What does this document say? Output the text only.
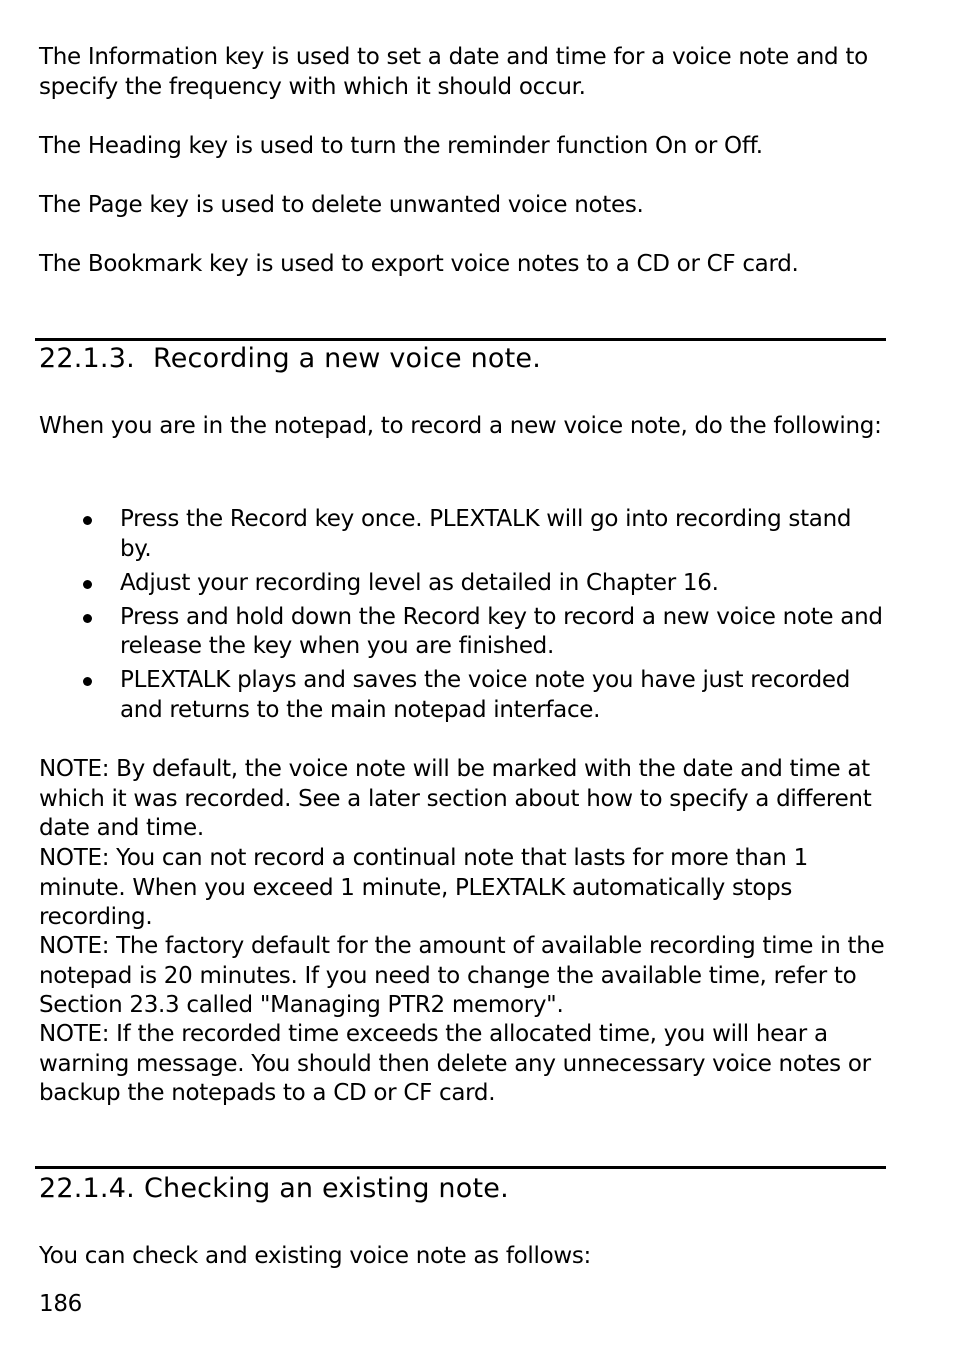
The Information key is used to set a date and time for a voice note and to specify the frequency with which it should occur.

The Heading key is used to turn the reminder function On or Off.

The Page key is used to delete unwanted voice notes.

The Bookmark key is used to export voice notes to a CD or CF card.

22.1.3. Recording a new voice note.

When you are in the notepad, to record a new voice note, do the following:

Press the Record key once. PLEXTALK will go into recording stand by.
Adjust your recording level as detailed in Chapter 16.
Press and hold down the Record key to record a new voice note and release the key when you are finished.
PLEXTALK plays and saves the voice note you have just recorded and returns to the main notepad interface.

NOTE: By default, the voice note will be marked with the date and time at which it was recorded. See a later section about how to specify a different date and time.

NOTE: You can not record a continual note that lasts for more than 1 minute. When you exceed 1 minute, PLEXTALK automatically stops recording.

NOTE: The factory default for the amount of available recording time in the notepad is 20 minutes. If you need to change the available time, refer to Section 23.3 called "Managing PTR2 memory".

NOTE: If the recorded time exceeds the allocated time, you will hear a warning message. You should then delete any unnecessary voice notes or backup the notepads to a CD or CF card.

22.1.4. Checking an existing note.

You can check and existing voice note as follows:

186
